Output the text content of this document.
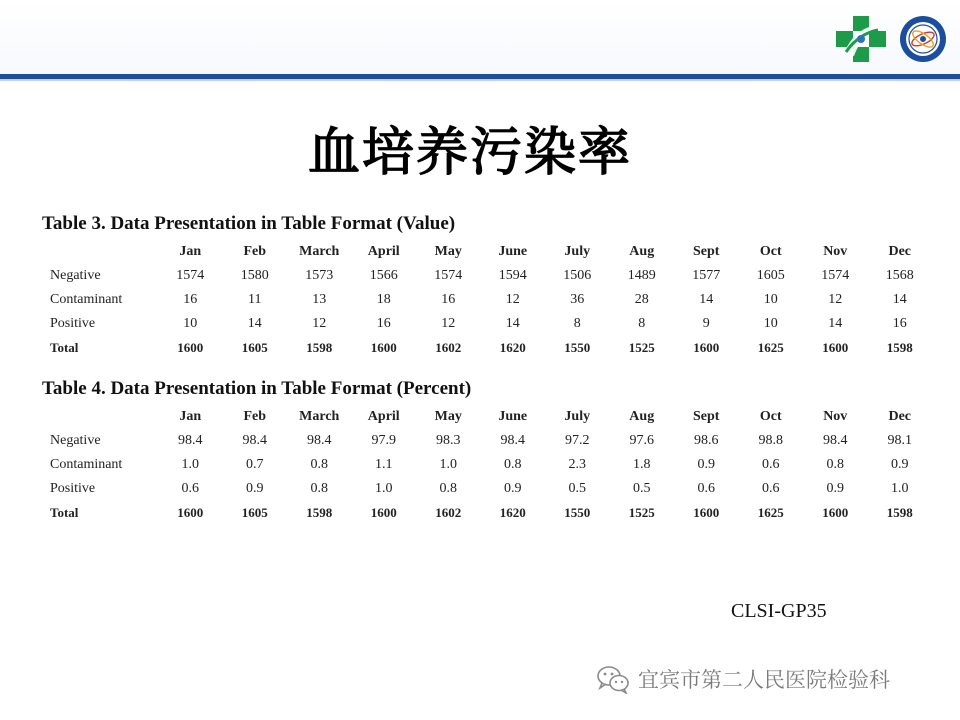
血培养污染率
Table 3. Data Presentation in Table Format (Value)
	Jan	Feb	March	April	May	June	July	Aug	Sept	Oct	Nov	Dec
Negative	1574	1580	1573	1566	1574	1594	1506	1489	1577	1605	1574	1568
Contaminant	16	11	13	18	16	12	36	28	14	10	12	14
Positive	10	14	12	16	12	14	8	8	9	10	14	16
Total	1600	1605	1598	1600	1602	1620	1550	1525	1600	1625	1600	1598
Table 4. Data Presentation in Table Format (Percent)
	Jan	Feb	March	April	May	June	July	Aug	Sept	Oct	Nov	Dec
Negative	98.4	98.4	98.4	97.9	98.3	98.4	97.2	97.6	98.6	98.8	98.4	98.1
Contaminant	1.0	0.7	0.8	1.1	1.0	0.8	2.3	1.8	0.9	0.6	0.8	0.9
Positive	0.6	0.9	0.8	1.0	0.8	0.9	0.5	0.5	0.6	0.6	0.9	1.0
Total	1600	1605	1598	1600	1602	1620	1550	1525	1600	1625	1600	1598
CLSI-GP35
宜宾市第二人民医院检验科
